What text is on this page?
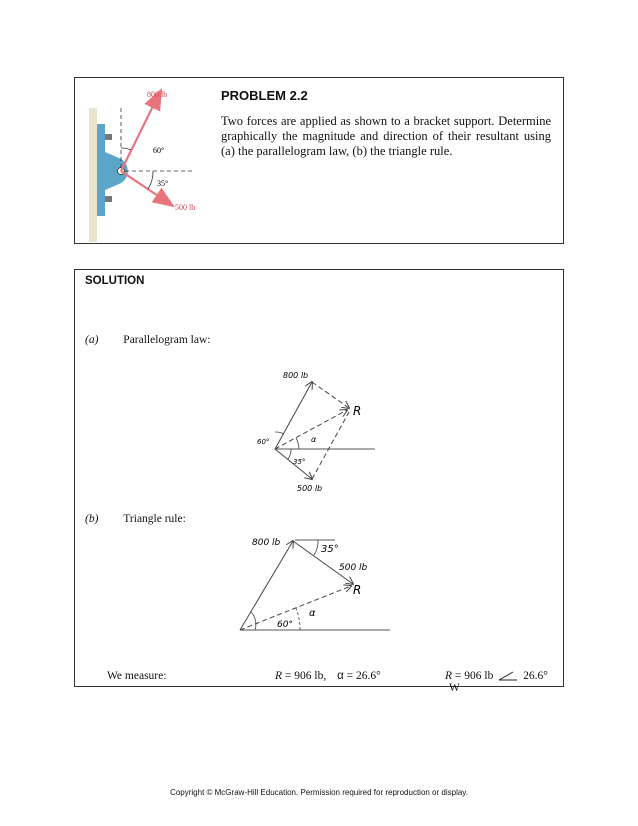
800 lb
500 lb
60°
35°
PROBLEM 2.2
Two forces are applied as shown to a bracket support. Determine graphically the magnitude and direction of their resultant using (a) the parallelogram law, (b) the triangle rule.
SOLUTION
(a) Parallelogram law:
800 lb
500 lb
R
60°
35°
α
(b) Triangle rule:
800 lb
35°
500 lb
R
60°
α
We measure:	R = 906 lb, α = 26.6°	R = 906 lb	26.6° W
Copyright © McGraw-Hill Education. Permission required for reproduction or display.
